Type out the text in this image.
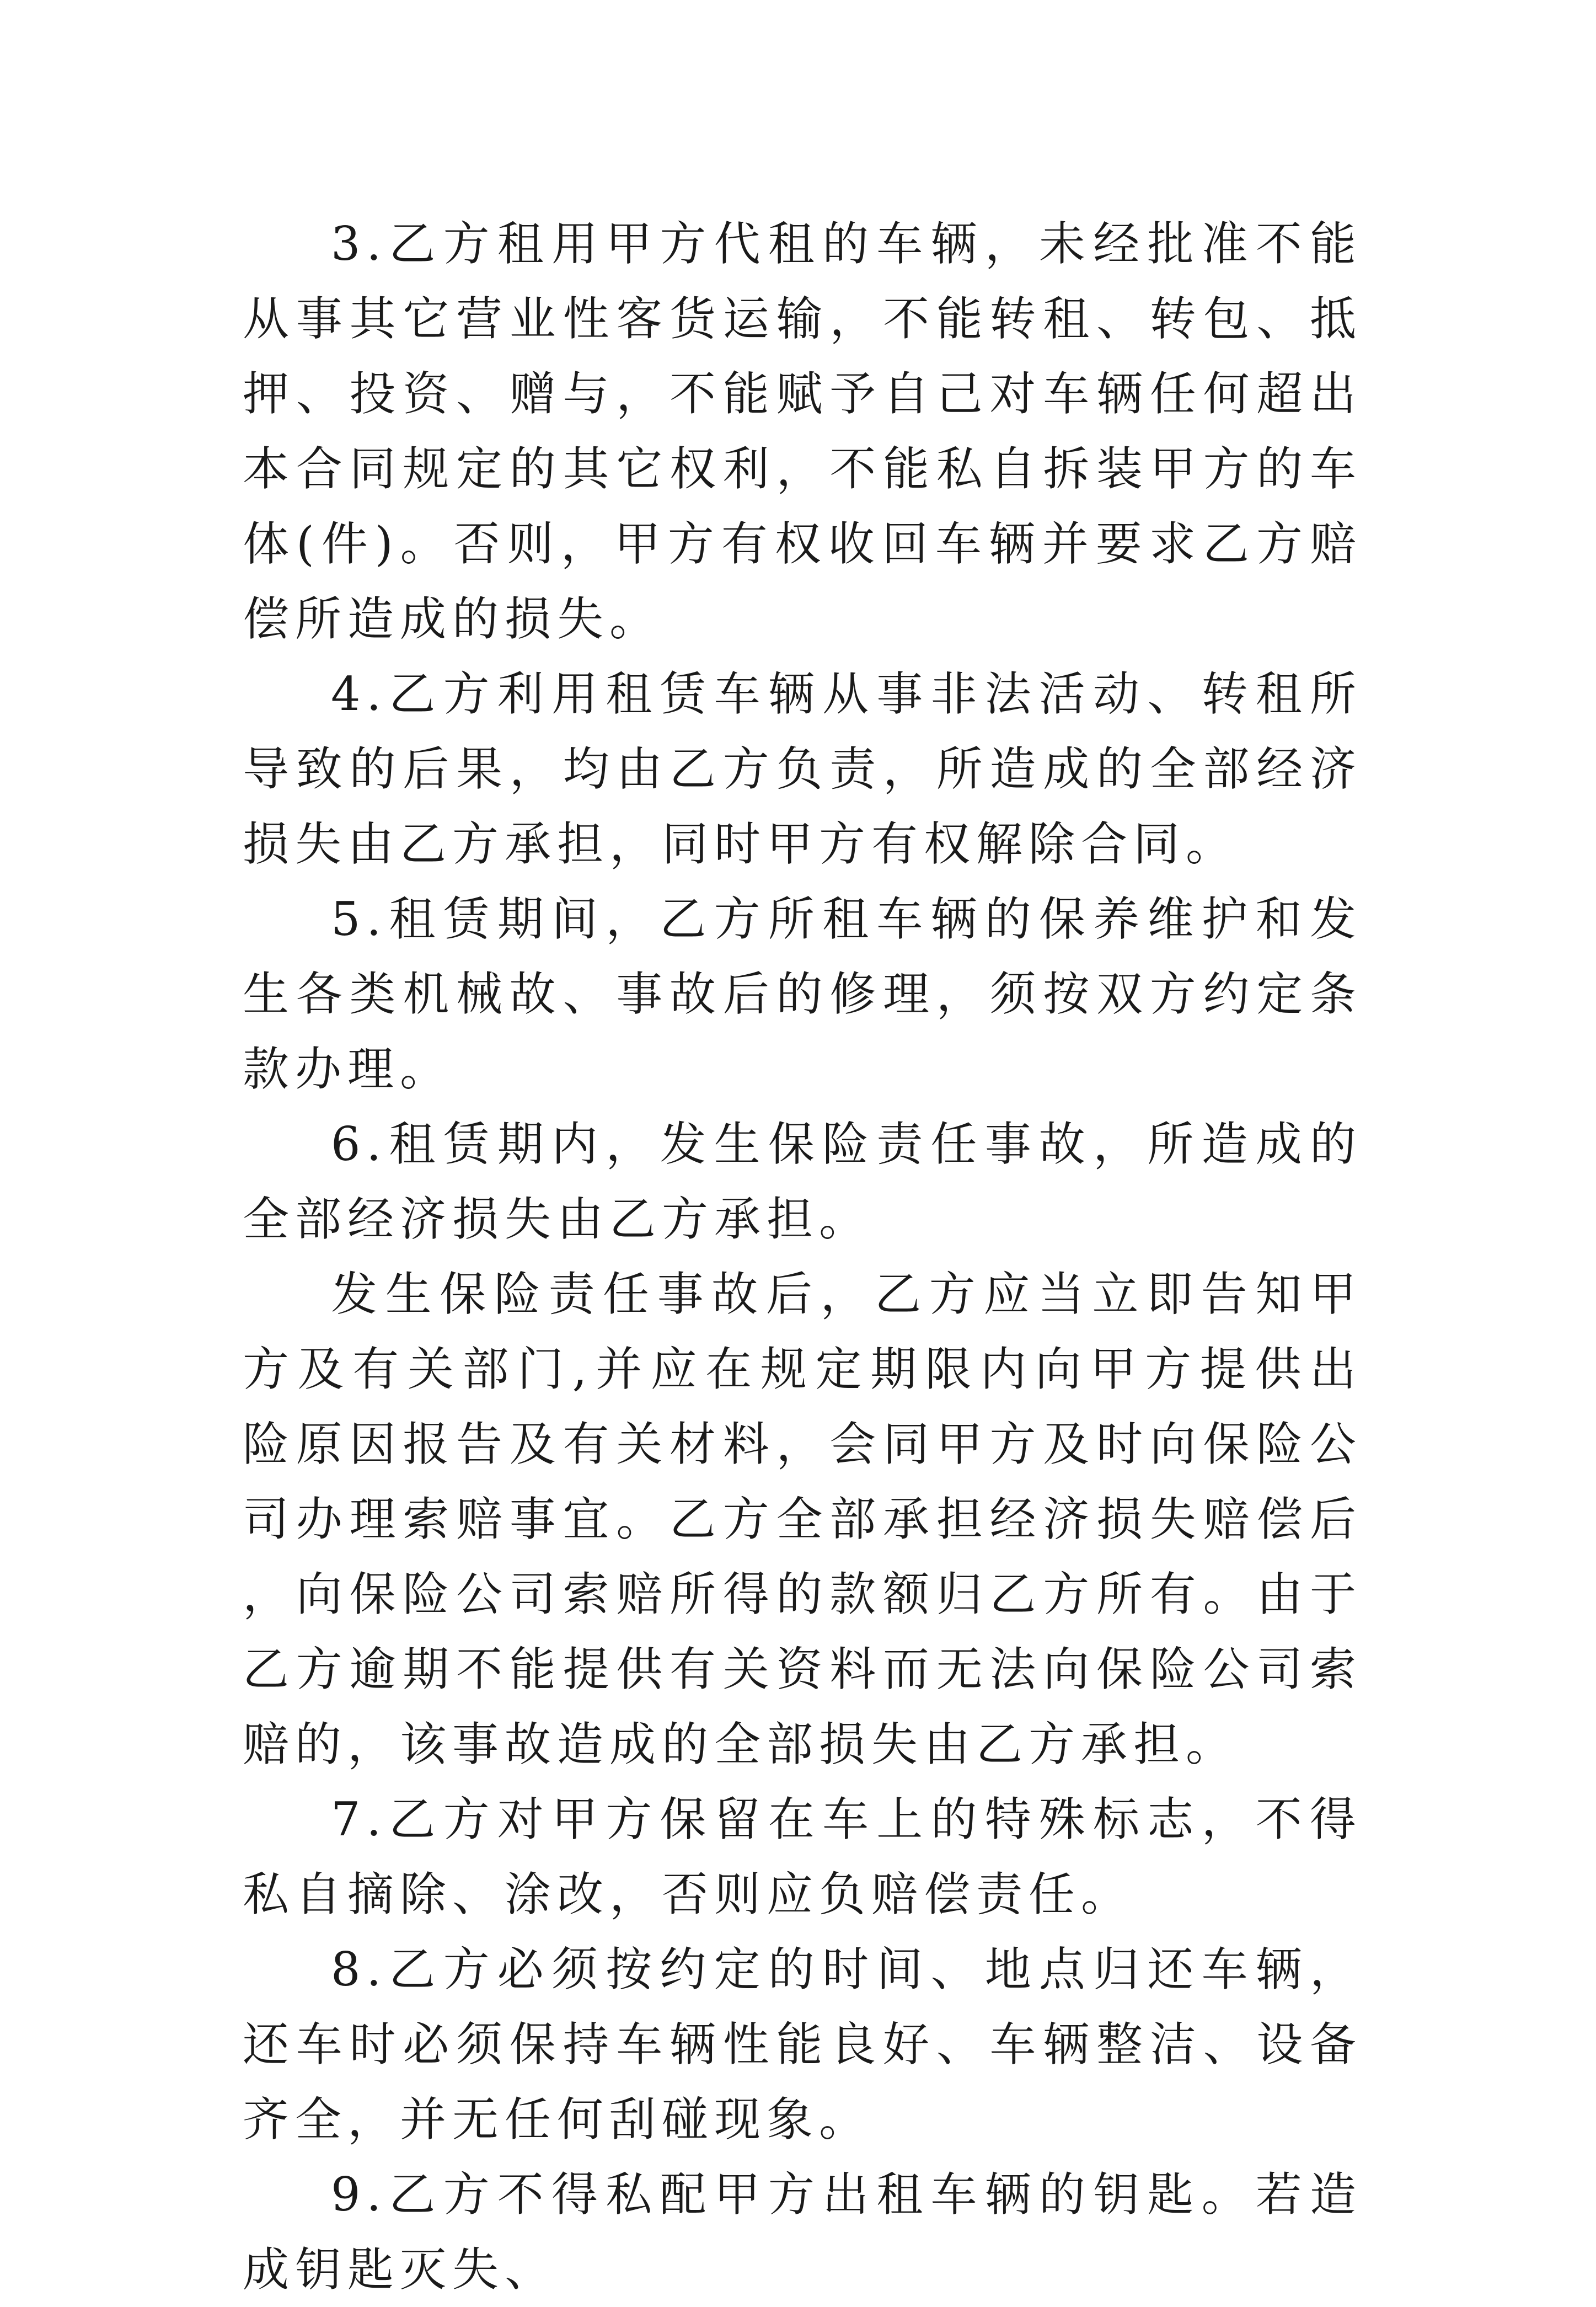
3.乙方租用甲方代租的车辆，未经批准不能从事其它营业性客货运输，不能转租、转包、抵押、投资、赠与，不能赋予自己对车辆任何超出本合同规定的其它权利，不能私自拆装甲方的车体(件)。否则，甲方有权收回车辆并要求乙方赔偿所造成的损失。

4.乙方利用租赁车辆从事非法活动、转租所导致的后果，均由乙方负责，所造成的全部经济损失由乙方承担，同时甲方有权解除合同。

5.租赁期间，乙方所租车辆的保养维护和发生各类机械故、事故后的修理，须按双方约定条款办理。

6.租赁期内，发生保险责任事故，所造成的全部经济损失由乙方承担。

发生保险责任事故后，乙方应当立即告知甲方及有关部门,并应在规定期限内向甲方提供出险原因报告及有关材料，会同甲方及时向保险公司办理索赔事宜。乙方全部承担经济损失赔偿后，向保险公司索赔所得的款额归乙方所有。由于乙方逾期不能提供有关资料而无法向保险公司索赔的，该事故造成的全部损失由乙方承担。

7.乙方对甲方保留在车上的特殊标志，不得私自摘除、涂改，否则应负赔偿责任。

8.乙方必须按约定的时间、地点归还车辆，还车时必须保持车辆性能良好、车辆整洁、设备齐全，并无任何刮碰现象。

9.乙方不得私配甲方出租车辆的钥匙。若造成钥匙灭失、
